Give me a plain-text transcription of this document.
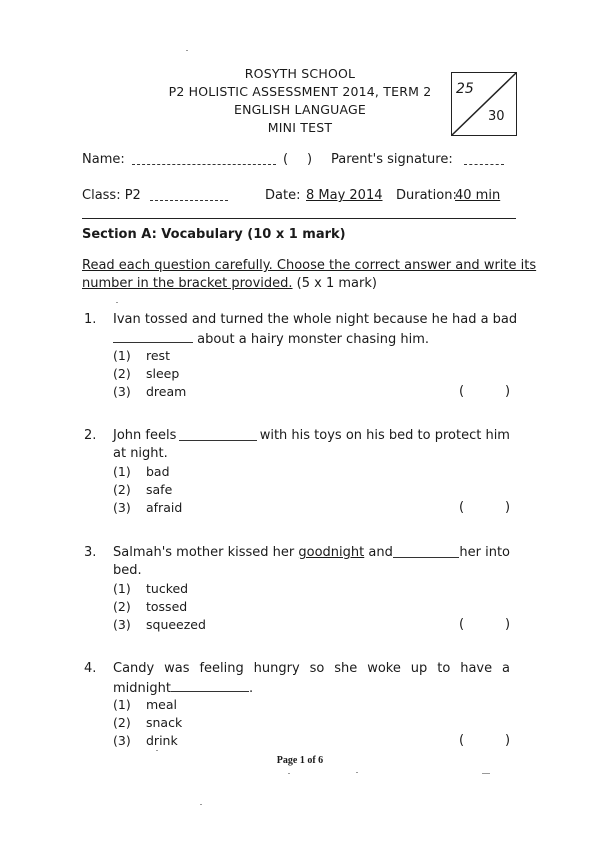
ROSYTH SCHOOL
P2 HOLISTIC ASSESSMENT 2014, TERM 2
ENGLISH LANGUAGE
MINI TEST
25
30
Name:	( ) Parent's signature:
Class: P2	Date: 8 May 2014 Duration:
40 min
Section A: Vocabulary (10 x 1 mark)
Read each question carefully. Choose the correct answer and write its
number in the bracket provided. (5 x 1 mark)
1. Ivan tossed and turned the whole night because he had a bad
about a hairy monster chasing him.
(1) rest
(2) sleep
(3) dream	(	)
2. John feels	with his toys on his bed to protect him
at night.
(1) bad
(2) safe
(3) afraid	(	)
3. Salmah's mother kissed her goodnight and	her into
bed.
(1) tucked
(2) tossed
(3) squeezed	(	)
4. Candy was feeling hungry so she woke up to have a
midnight	.
(1) meal
(2) snack
(3) drink	(	)
Page 1 of 6
